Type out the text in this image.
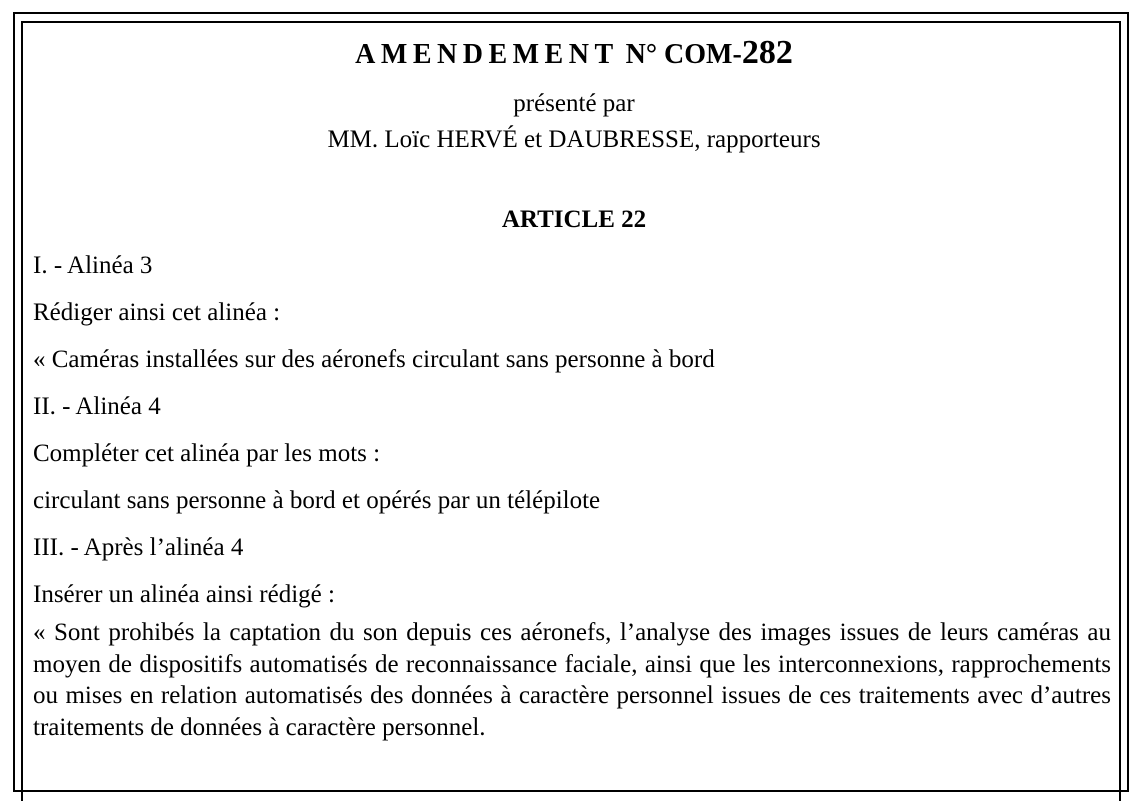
AMENDEMENT N° COM-282
présenté par
MM. Loïc HERVÉ et DAUBRESSE, rapporteurs
ARTICLE 22
I. - Alinéa 3
Rédiger ainsi cet alinéa :
« Caméras installées sur des aéronefs circulant sans personne à bord
II. - Alinéa 4
Compléter cet alinéa par les mots :
circulant sans personne à bord et opérés par un télépilote
III. - Après l’alinéa 4
Insérer un alinéa ainsi rédigé :
« Sont prohibés la captation du son depuis ces aéronefs, l’analyse des images issues de leurs caméras au moyen de dispositifs automatisés de reconnaissance faciale, ainsi que les interconnexions, rapprochements ou mises en relation automatisés des données à caractère personnel issues de ces traitements avec d’autres traitements de données à caractère personnel.
